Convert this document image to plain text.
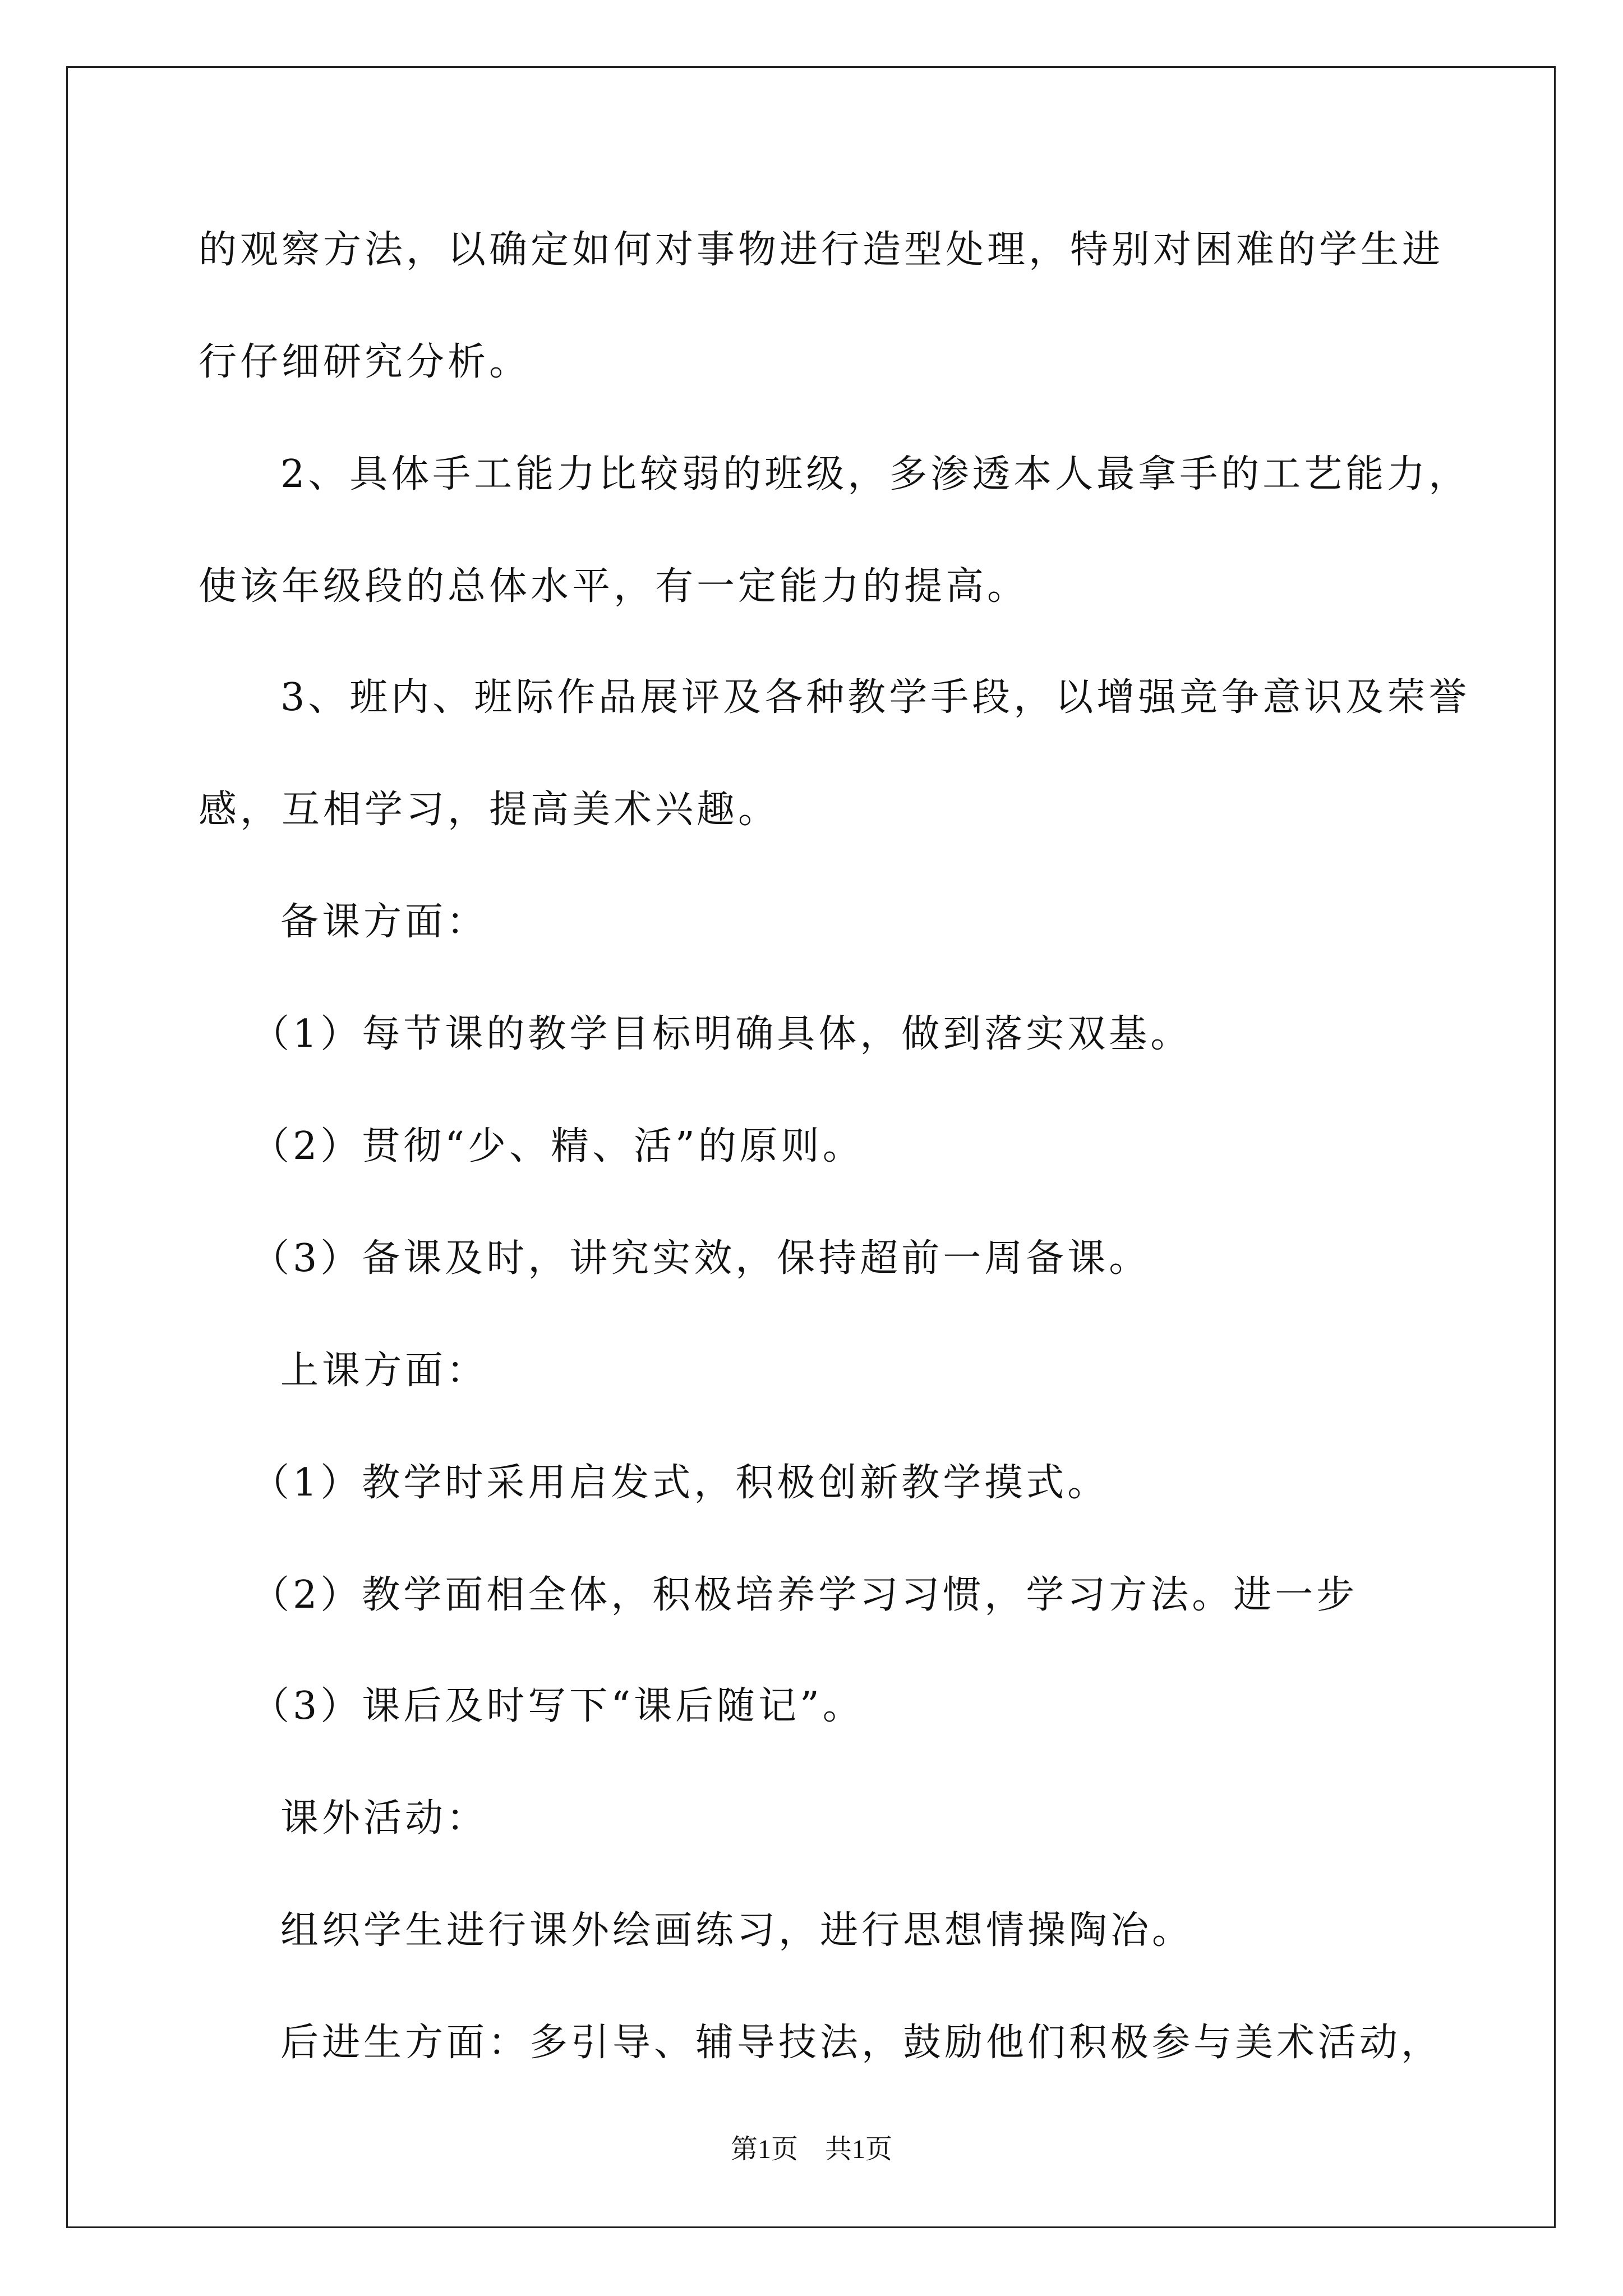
的观察方法，以确定如何对事物进行造型处理，特别对困难的学生进
行仔细研究分析。
2、具体手工能力比较弱的班级，多渗透本人最拿手的工艺能力，
使该年级段的总体水平，有一定能力的提高。
3、班内、班际作品展评及各种教学手段，以增强竞争意识及荣誉
感，互相学习，提高美术兴趣。
备课方面：
（1）每节课的教学目标明确具体，做到落实双基。
（2）贯彻“少、精、活”的原则。
（3）备课及时，讲究实效，保持超前一周备课。
上课方面：
（1）教学时采用启发式，积极创新教学摸式。
（2）教学面相全体，积极培养学习习惯，学习方法。进一步
（3）课后及时写下“课后随记”。
课外活动：
组织学生进行课外绘画练习，进行思想情操陶冶。
后进生方面：多引导、辅导技法，鼓励他们积极参与美术活动，
第1页　共1页
